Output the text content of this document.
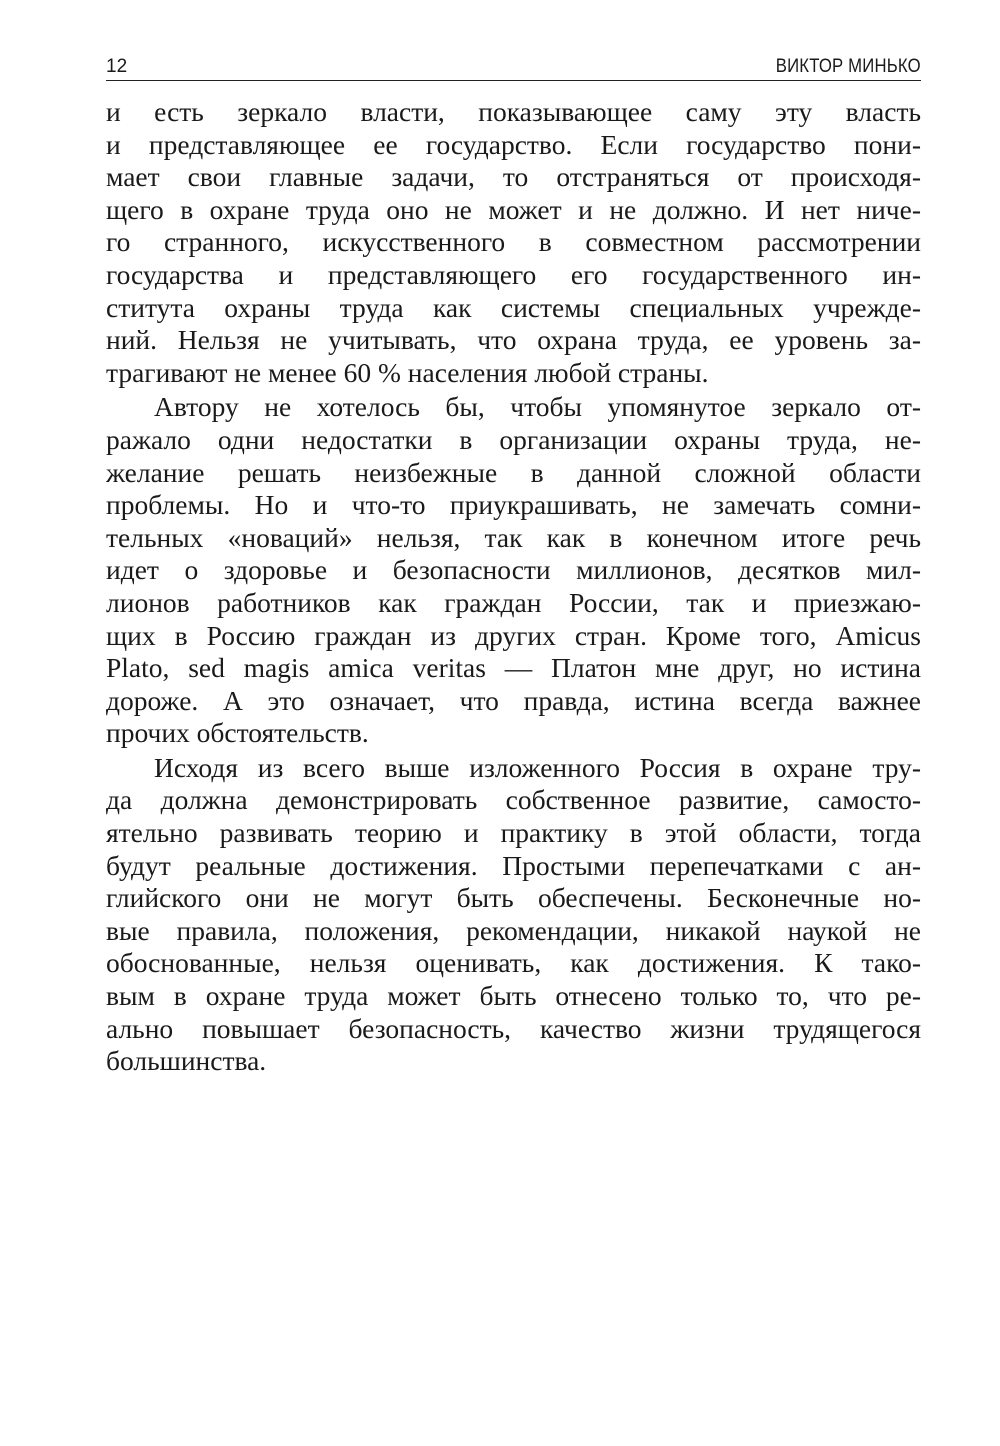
12	ВИКТОР МИНЬКО

и есть зеркало власти, показывающее саму эту власть
и представляющее ее государство. Если государство пони-
мает свои главные задачи, то отстраняться от происходя-
щего в охране труда оно не может и не должно. И нет ниче-
го странного, искусственного в совместном рассмотрении
государства и представляющего его государственного ин-
ститута охраны труда как системы специальных учрежде-
ний. Нельзя не учитывать, что охрана труда, ее уровень за-
трагивают не менее 60 % населения любой страны.

Автору не хотелось бы, чтобы упомянутое зеркало от-
ражало одни недостатки в организации охраны труда, не-
желание решать неизбежные в данной сложной области
проблемы. Но и что-то приукрашивать, не замечать сомни-
тельных «новаций» нельзя, так как в конечном итоге речь
идет о здоровье и безопасности миллионов, десятков мил-
лионов работников как граждан России, так и приезжаю-
щих в Россию граждан из других стран. Кроме того, Amicus
Plato, sed magis amica veritas — Платон мне друг, но истина
дороже. А это означает, что правда, истина всегда важнее
прочих обстоятельств.

Исходя из всего выше изложенного Россия в охране тру-
да должна демонстрировать собственное развитие, самосто-
ятельно развивать теорию и практику в этой области, тогда
будут реальные достижения. Простыми перепечатками с ан-
глийского они не могут быть обеспечены. Бесконечные но-
вые правила, положения, рекомендации, никакой наукой не
обоснованные, нельзя оценивать, как достижения. К тако-
вым в охране труда может быть отнесено только то, что ре-
ально повышает безопасность, качество жизни трудящегося
большинства.
